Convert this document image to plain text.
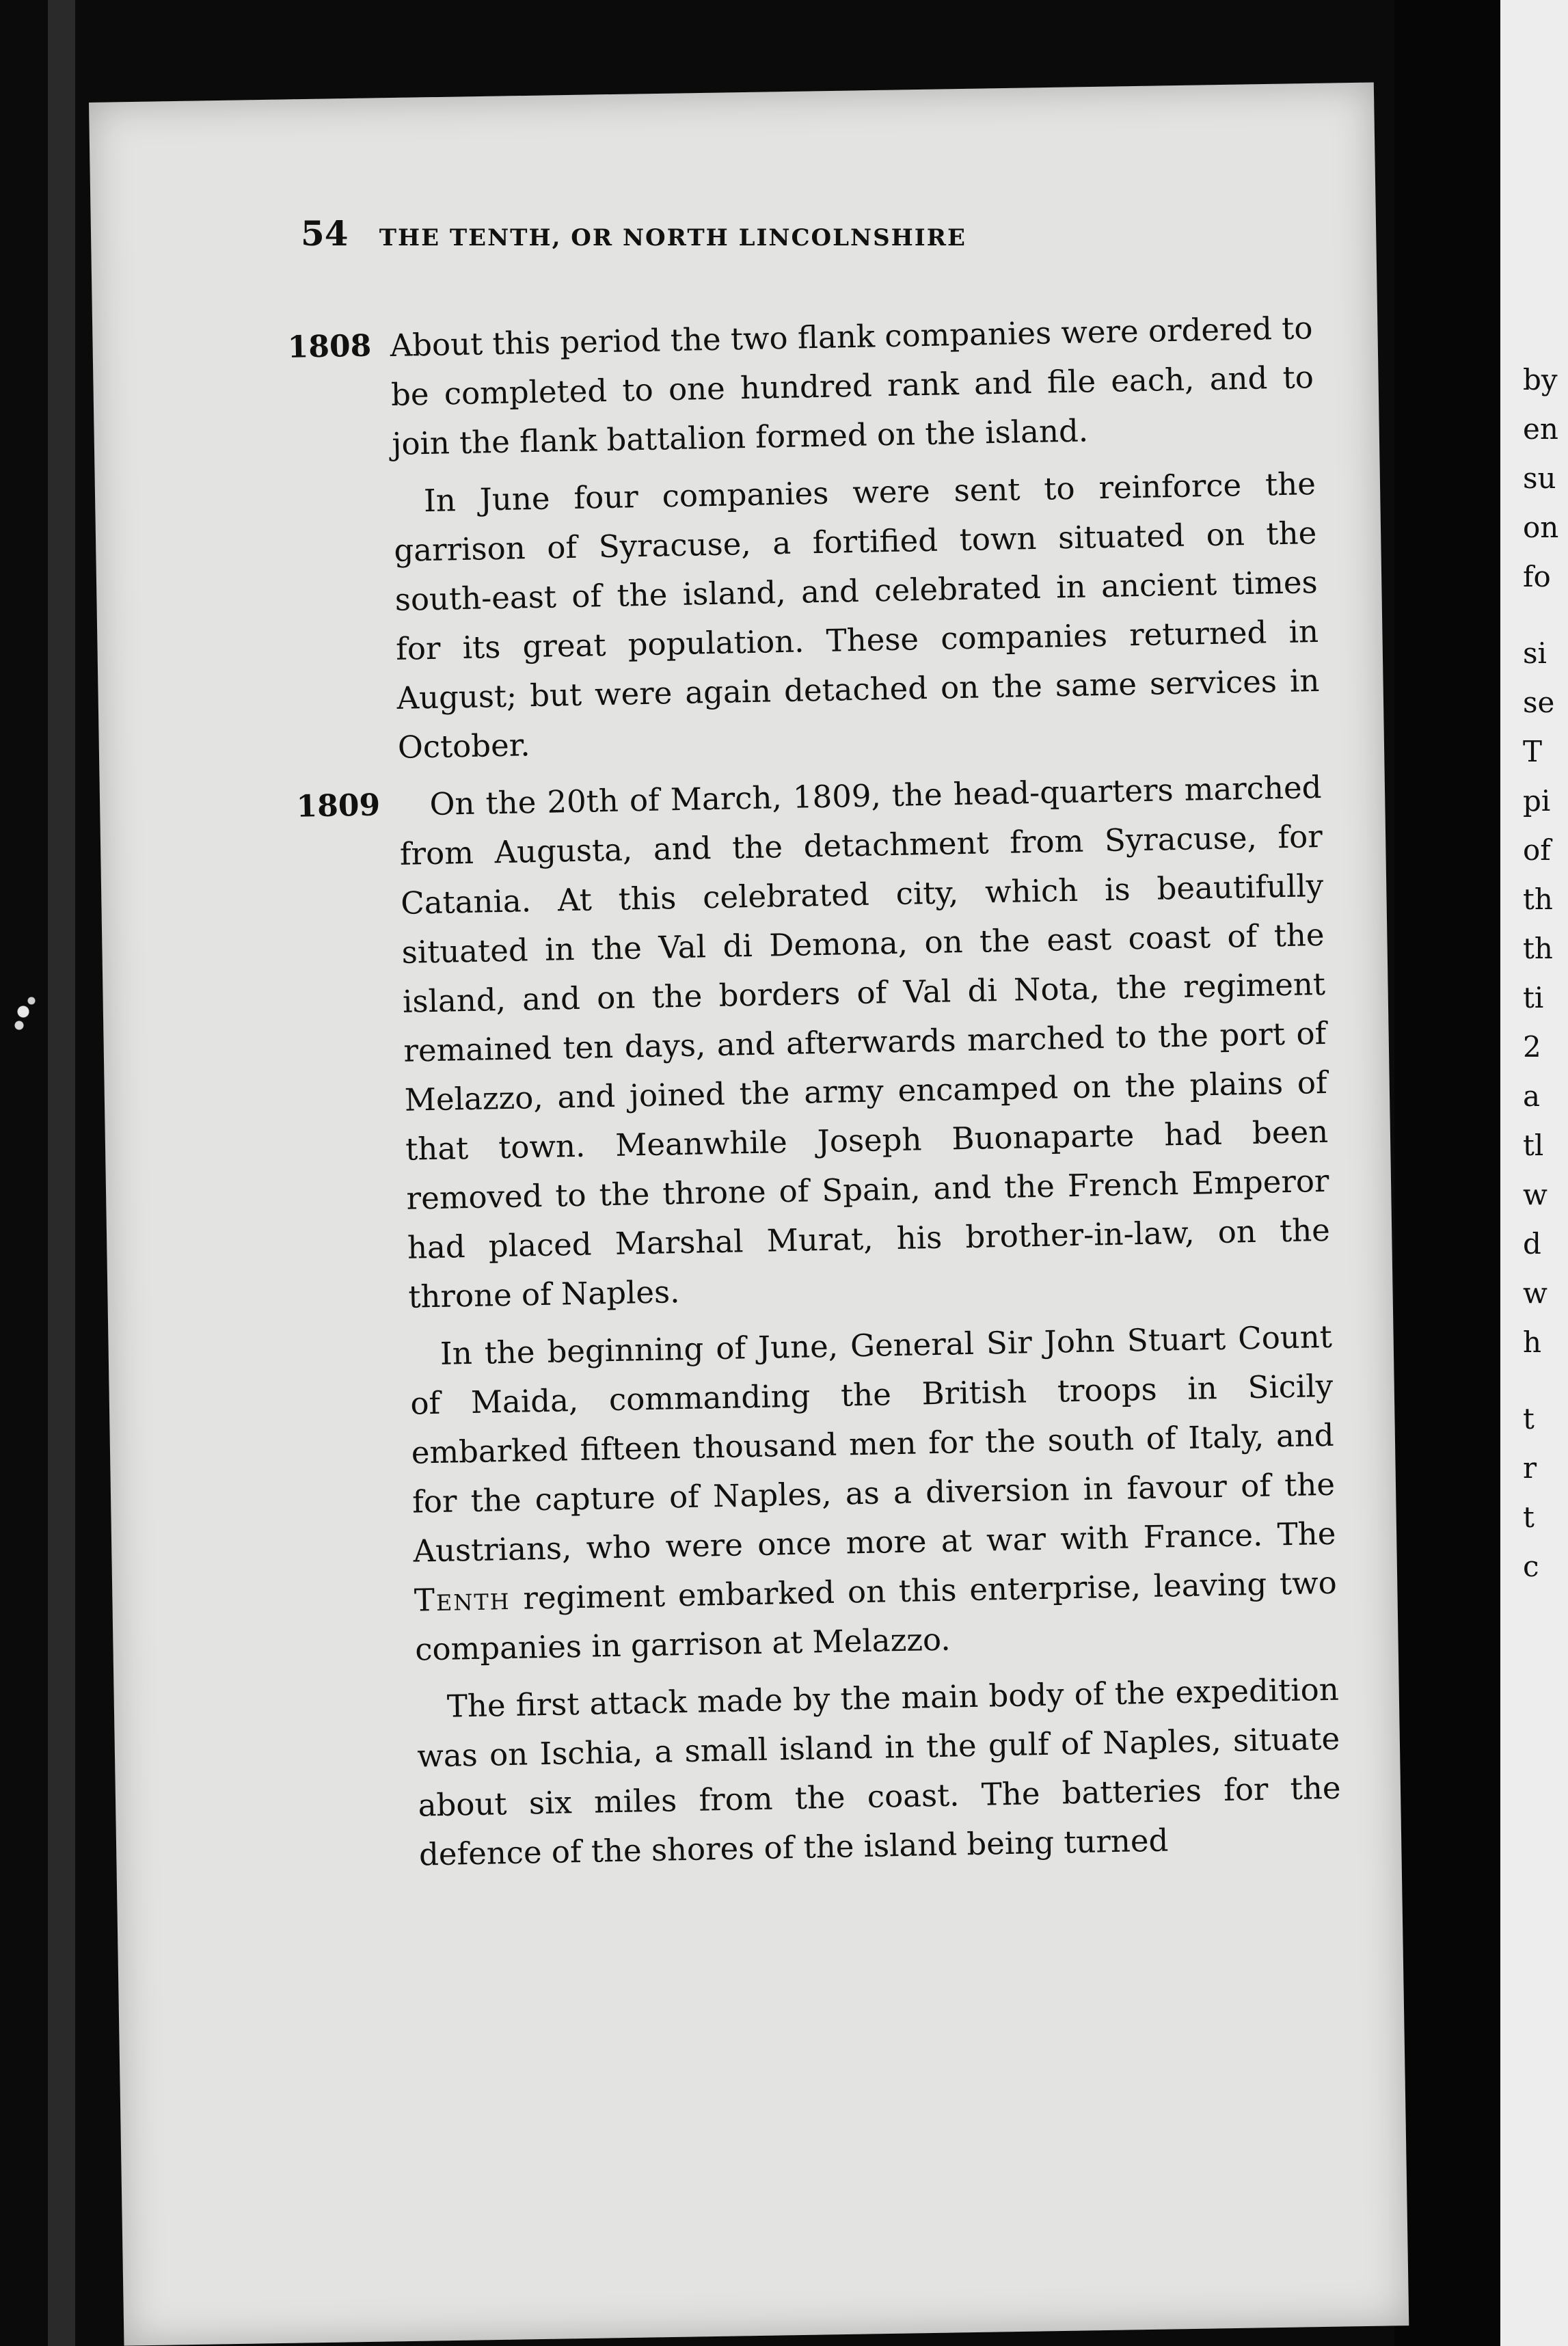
54 THE TENTH, OR NORTH LINCOLNSHIRE

1808 About this period the two flank companies were ordered to be completed to one hundred rank and file each, and to join the flank battalion formed on the island.

In June four companies were sent to reinforce the garrison of Syracuse, a fortified town situated on the south-east of the island, and celebrated in ancient times for its great population. These companies returned in August; but were again detached on the same services in October.

1809 On the 20th of March, 1809, the head-quarters marched from Augusta, and the detachment from Syracuse, for Catania. At this celebrated city, which is beautifully situated in the Val di Demona, on the east coast of the island, and on the borders of Val di Nota, the regiment remained ten days, and afterwards marched to the port of Melazzo, and joined the army encamped on the plains of that town. Meanwhile Joseph Buonaparte had been removed to the throne of Spain, and the French Emperor had placed Marshal Murat, his brother-in-law, on the throne of Naples.

In the beginning of June, General Sir John Stuart Count of Maida, commanding the British troops in Sicily embarked fifteen thousand men for the south of Italy, and for the capture of Naples, as a diversion in favour of the Austrians, who were once more at war with France. The Tenth regiment embarked on this enterprise, leaving two companies in garrison at Melazzo.

The first attack made by the main body of the expedition was on Ischia, a small island in the gulf of Naples, situate about six miles from the coast. The batteries for the defence of the shores of the island being turned

by
en
su
on
fo
si
se
T
pi
of
th
th
ti
2
a
tl
w
d
w
h
t
r
t
c
